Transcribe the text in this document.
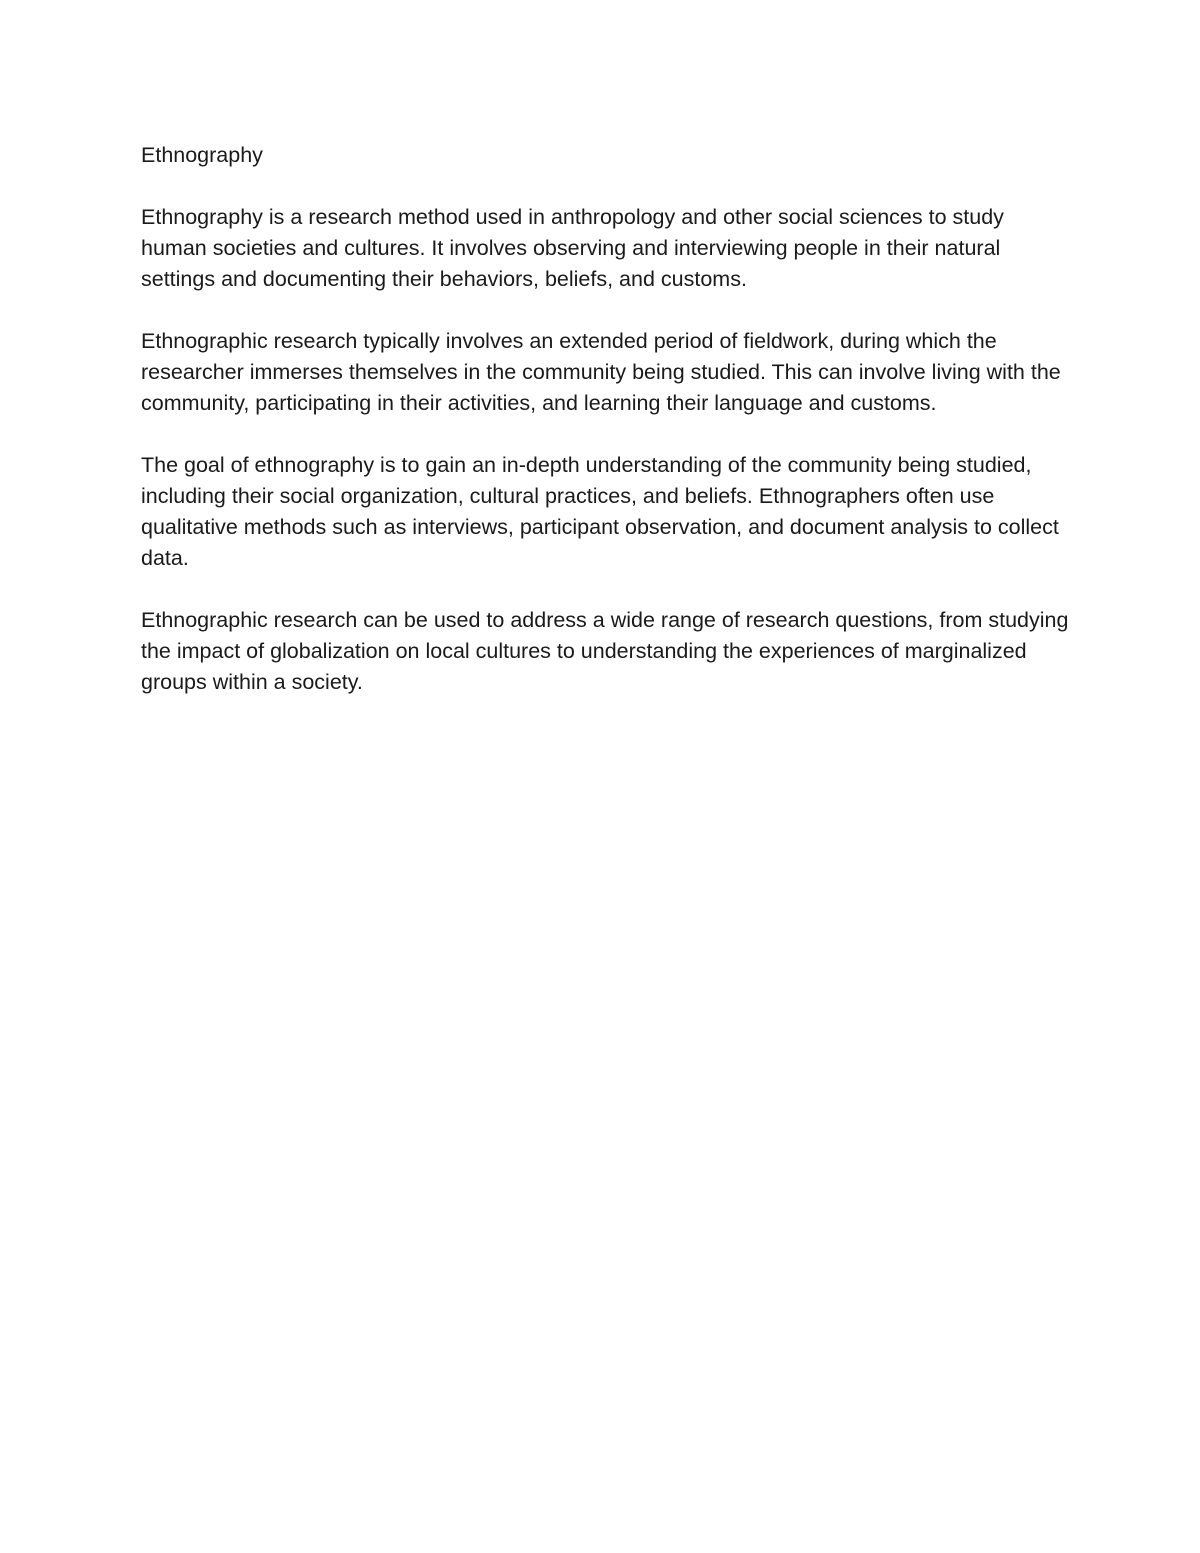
Ethnography

Ethnography is a research method used in anthropology and other social sciences to study human societies and cultures. It involves observing and interviewing people in their natural settings and documenting their behaviors, beliefs, and customs.

Ethnographic research typically involves an extended period of fieldwork, during which the researcher immerses themselves in the community being studied. This can involve living with the community, participating in their activities, and learning their language and customs.

The goal of ethnography is to gain an in-depth understanding of the community being studied, including their social organization, cultural practices, and beliefs. Ethnographers often use qualitative methods such as interviews, participant observation, and document analysis to collect data.

Ethnographic research can be used to address a wide range of research questions, from studying the impact of globalization on local cultures to understanding the experiences of marginalized groups within a society.
